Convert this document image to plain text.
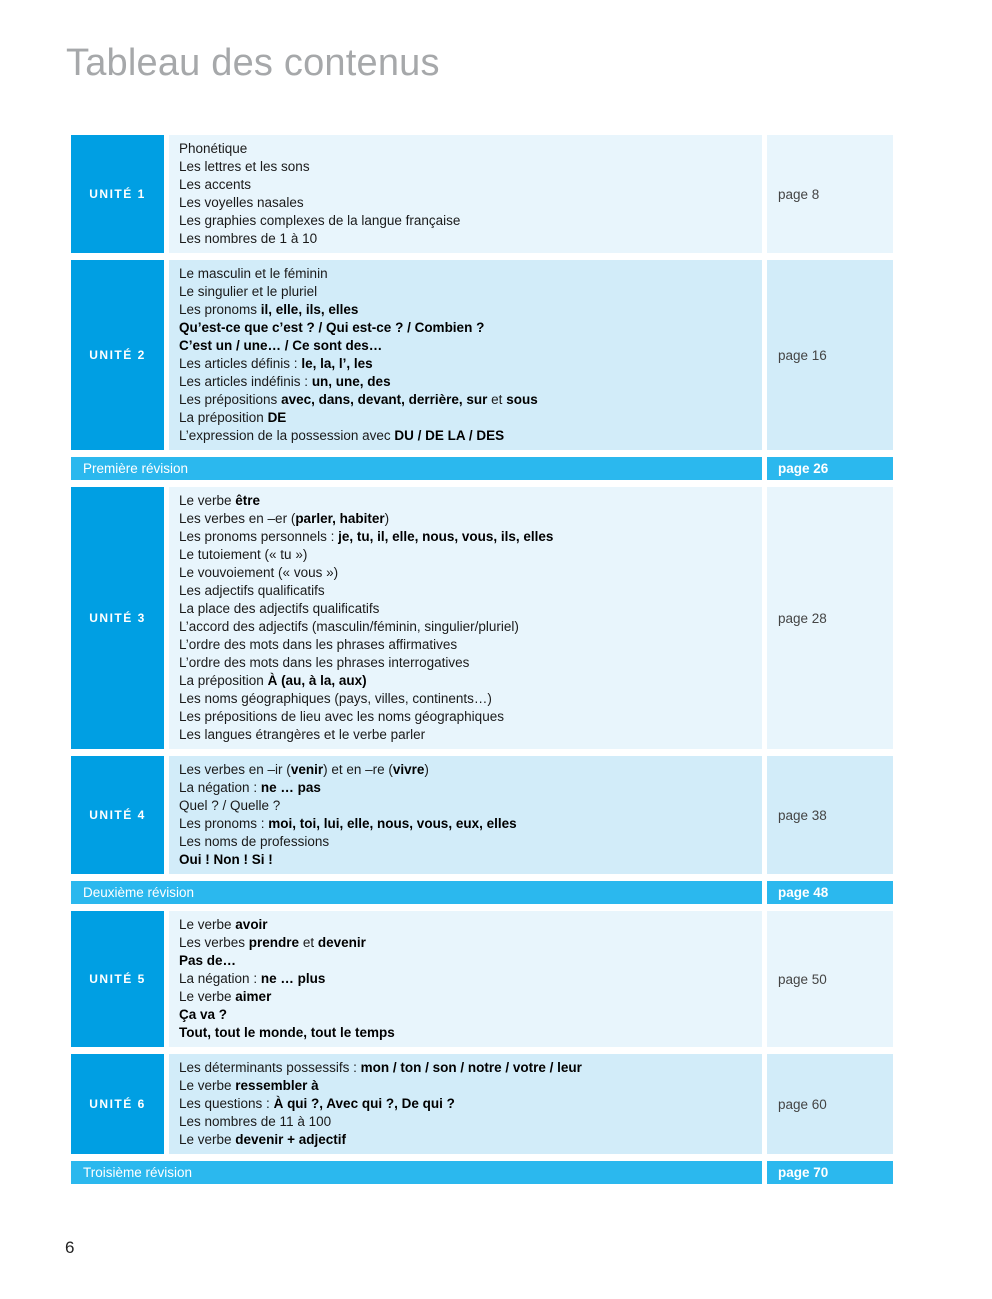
Tableau des contenus
UNITÉ 1
Phonétique
Les lettres et les sons
Les accents
Les voyelles nasales
Les graphies complexes de la langue française
Les nombres de 1 à 10
page 8
UNITÉ 2
Le masculin et le féminin
Le singulier et le pluriel
Les pronoms il, elle, ils, elles
Qu’est-ce que c’est ? / Qui est-ce ? / Combien ?
C’est un / une… / Ce sont des…
Les articles définis : le, la, l’, les
Les articles indéfinis : un, une, des
Les prépositions avec, dans, devant, derrière, sur et sous
La préposition DE
L’expression de la possession avec DU / DE LA / DES
page 16
Première révision	page 26
UNITÉ 3
Le verbe être
Les verbes en –er (parler, habiter)
Les pronoms personnels : je, tu, il, elle, nous, vous, ils, elles
Le tutoiement (« tu »)
Le vouvoiement (« vous »)
Les adjectifs qualificatifs
La place des adjectifs qualificatifs
L’accord des adjectifs (masculin/féminin, singulier/pluriel)
L’ordre des mots dans les phrases affirmatives
L’ordre des mots dans les phrases interrogatives
La préposition À (au, à la, aux)
Les noms géographiques (pays, villes, continents…)
Les prépositions de lieu avec les noms géographiques
Les langues étrangères et le verbe parler
page 28
UNITÉ 4
Les verbes en –ir (venir) et en –re (vivre)
La négation : ne … pas
Quel ? / Quelle ?
Les pronoms : moi, toi, lui, elle, nous, vous, eux, elles
Les noms de professions
Oui ! Non ! Si !
page 38
Deuxième révision	page 48
UNITÉ 5
Le verbe avoir
Les verbes prendre et devenir
Pas de…
La négation : ne … plus
Le verbe aimer
Ça va ?
Tout, tout le monde, tout le temps
page 50
UNITÉ 6
Les déterminants possessifs : mon / ton / son / notre / votre / leur
Le verbe ressembler à
Les questions : À qui ?, Avec qui ?, De qui ?
Les nombres de 11 à 100
Le verbe devenir + adjectif
page 60
Troisième révision	page 70
6
